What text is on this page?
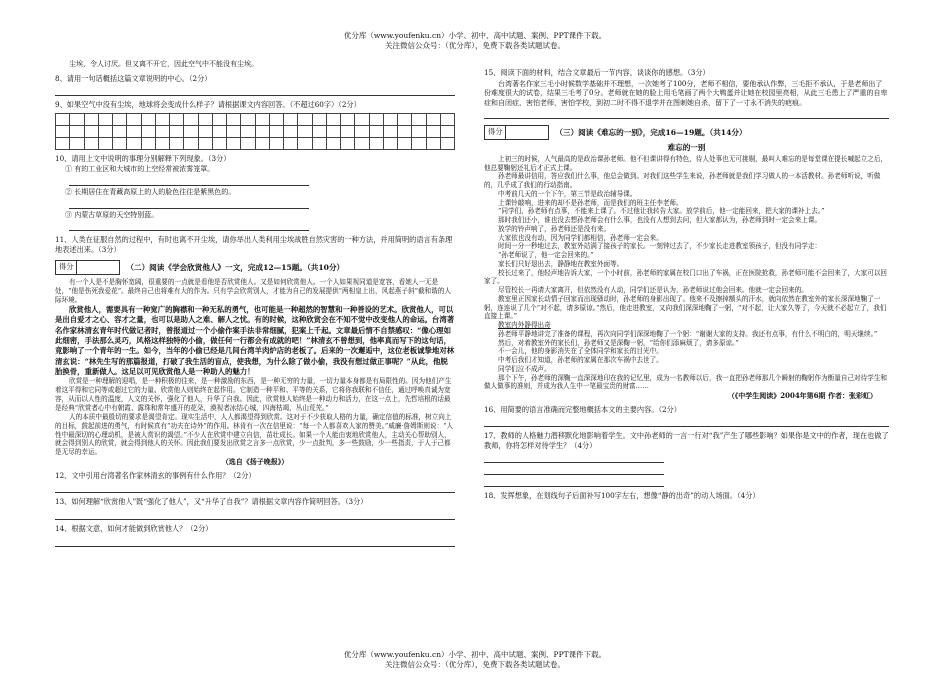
优分库（www.youfenku.cn）小学、初中、高中试题、案例、PPT课件下载。
关注微信公众号：（优分库），免费下载各类试题试卷。

尘埃，令人讨厌。但又离不开它，因此空气中不能没有尘埃。

8、请用一句话概括这篇文章说明的中心。（2分）

9、如果空气中没有尘埃，地球将会变成什么样子？请根据课文内容回答。（不超过60字）（2分）

10、请用上文中说明的事理分别解释下列现象。（3分）

① 有的工业区和大城市的上空经常被浓雾笼罩。

② 长期居住在青藏高原上的人的脸色往往是紫黑色的。

③ 内蒙古草原的天空特别蓝。

11、人类在征服自然的过程中，有时也离不开尘埃，请你举出人类利用尘埃战胜自然灾害的一种方法，并用简明的语言有条理地表述出来。（3分）

得分	（二）阅读《学会欣赏他人》一文，完成12—15题。（共10分）

有一个人是不是胸怀宽阔，很重要的一点就是看他是否欣赏他人。又是如何欣赏他人。一个人如果视同道是宽容，看她人一无是处，“他是伤死我爱花”。最终自己也将难有大的作为。只有学会欣赏别人，才能为自己的发展提供“两相皇上出，风起燕子斜”截和谐的人际环境。

欣赏他人，需要具有一种宽广的胸襟和一种无私的勇气，也可能是一种超然的智慧和一种善设的艺术。欣赏他人，可以是出自爱才之心、容才之量，也可以是助人之难、解人之忧。有的时候，这种欣赏会在不知不觉中改变他人的命运。台湾著名作家林清玄青年时代做记者时，曾报道过一个小偷作案手法非常细腻，犯案上千起。文章最后情不自禁感叹：“像心理如此细密，手法那么灵巧，风格这样独特的小偷，做任何一行都会有成就的吧！”林清玄不曾想到，他率真而写下的这句话，竟影响了一个青年的一生。如今，当年的小偷已经是几间台湾羊肉炉店的老板了。后来的一次邂逅中，这位老板诚挚地对林清玄说：“林先生写的那篇报道，打破了我生活的盲点，使我想，为什么除了做小偷，我没有想过做正事呢？”从此，他脱胎换骨，重新做人。这足以可见欣赏他人是一种助人的魅力！

欣赏是一种理解的迎唱，是一种积极的往来，是一种激励的东西，是一种无穷的力量，一切力量本身都是有局限性的。因为他们产生着这平得和它同等或超过它的力量。欣赏他人则始终在起作用。它制造一种平和、平等的关系，它将你我联和不信任，通过呼唤真诚为宽容，从而以人性的温度，人文的关怀，强化了他人，升华了自我。因此，欣赏他人始终是一种动力和活力，在这一点上，先哲培根的话最是经典“欣赏者心中有朝霞、露珠和常年盛开的花朵，漠视者冰结心城，四海枯竭，丛山荒芜。”

人的本质中最殷切的要求是渴望肯定。现实生活中，人人都渴望得到欣赏。这对于不少获取人格的力量，确定信值的标准，树立向上的目标，鼓起前进的勇气，有时候真有“功夫在诗外”的作用。林肯有一次在信里说：“每一个人都喜欢人家的赞美。”威廉·詹姆斯则说：“人性中最深切的心理动机，是被人赏识的渴望。”不少人在欣赏中建立自信，苗壮成长。如果一个人能由衷地欣赏他人，主动关心帮助别人，就会得到别人的欣赏，就会得到他人的关怀。因此我们要发出欣赏之言多一点欣赏，少一点批判，多一些鼓励，少一些指责，于人于己都是无尽的幸运。

（选自《扬子晚报》）

12、文中引用台湾著名作家林清玄的事例有什么作用？（2分）

13、如何理解“欣赏他人”既“强化了他人”，又“升华了自我”？请根据文章内容作简明回答。（3分）

14、根据文意，如何才能做到欣赏他人？（2分）

15、阅读下面的材料，结合文章最后一节内容，谈谈你的感想。（3分）

台湾著名作家三毛小时候数学基础并不理想，一次她考了100分，老师不相信，要他承认作弊，三毛拒不承认，于是老师出了份难度很大的试卷，结果三毛考了0分。老师就在她的脸上用毛笔画了两个大鸭蛋并让她在校园里亮相，从此三毛患上了严重的自卑症和自闭症，害怕老师，害怕学校，到初二时不得不退学并在图刺她自杀，留下了一寸永不消失的疤痕。

得分	（三）阅读《难忘的一别》，完成16—19题。（共14分）

难忘的一别

上初三的时候，人气最高的是政治课孙老师。他不但课讲得有特色，待人处事也无可挑剔，最叫人难忘的是每堂课在提长喊起立之后，他总要鞠躬还礼后才正式上课。

孙老师最讲信用，答应我们什么事，他总会做到。对我们这些学生来说，孙老师就是我们学习做人的一本活教材。孙老师听说，听做的，几乎成了我们的行动指南。

中考前几天的一个下午，第三节是政治辅导课。

上课铃敲响，进来的却不是孙老师，而是我们的班主任李老师。

“同学们，孙老师有点事，不能来上课了。不过他让我转告大家。放学前后，他一定能回来，把大家的课补上去。”

那时我们还小，谁也没去想孙老师会有什么事，也没有人想到去问，但大家都认为，孙老师到时一定会来上课。

放学的铃声响了，孙老师还是没有来。

大家依也没有动，因为同学们都相信，孙老师一定会来。

时间一分一秒地过去，教室外站满了接孩子的家长。一刻钟过去了，不少家长走进教室领孩子，但没有同学走：

“孙老师说了，他一定会回来的。”

家长们只好退出去，静静地在教室外面等。

校长过来了，他轻声地告诉大家，一个小时前，孙老师的家属在校门口出了车祸，正在医院抢救，孙老师可能不会回来了，大家可以回家了。

尽管校长一再请大家离开，但依然没有人动，同学们还是认为，孙老师说过他会回来。他就一定会回来的。

教室里正因家长动情子回家而出现骚动时，孙老师的身影出现了。他来不及擦掉额头的汗水，就向依然在教室外的家长深深地鞠了一躬，连连说了几个“对不起，请多原谅。”然后，他走进教室，又向我们深深地鞠了一躬，“对不起，让大家久等了，今天就不必起立了，我们直接上课。”

教室内外静得出奇

孙老师平静地讲完了准备的课程，再次向同学们深深地鞠了一个躬：“谢谢大家的支持。我还有点事，有什么不明白的，明天继续。”

然后，对着教室外的家长们，孙老师又是深鞠一躬，“给你们添麻烦了，请多原谅。”

不一会儿，他的身影消失在了全体同学和家长的目光中。

中考后我们才知道，孙老师的家属在那次车祸中去世了。

同学们泣不成声。

那个下午，孙老师的深鞠一直深深地印在我的记忆里，成为一名教师以后，我一直把孙老师那几个瞬射的鞠躬作为衡量自己对待学生和做人做事的准则，并成为我人生中一笔最宝贵的财富……

（《中学生阅读》2004年第6期 作者：张彩虹）

16、用简要的语言准确而完整地概括本文的主要内容。（2分）

17、教师的人格魅力潜移默化地影响着学生。文中孙老师的一言一行对“我”产生了哪些影响？如果你是文中的作者，现在也做了教师，你将怎样对待学生？（4分）

18、发挥想象，在划线句子后面补写100字左右，想像“静的出奇”的动人场面。（4分）

优分库（www.youfenku.cn）小学、初中、高中试题、案例、PPT课件下载。
关注微信公众号：（优分库），免费下载各类试题试卷。
